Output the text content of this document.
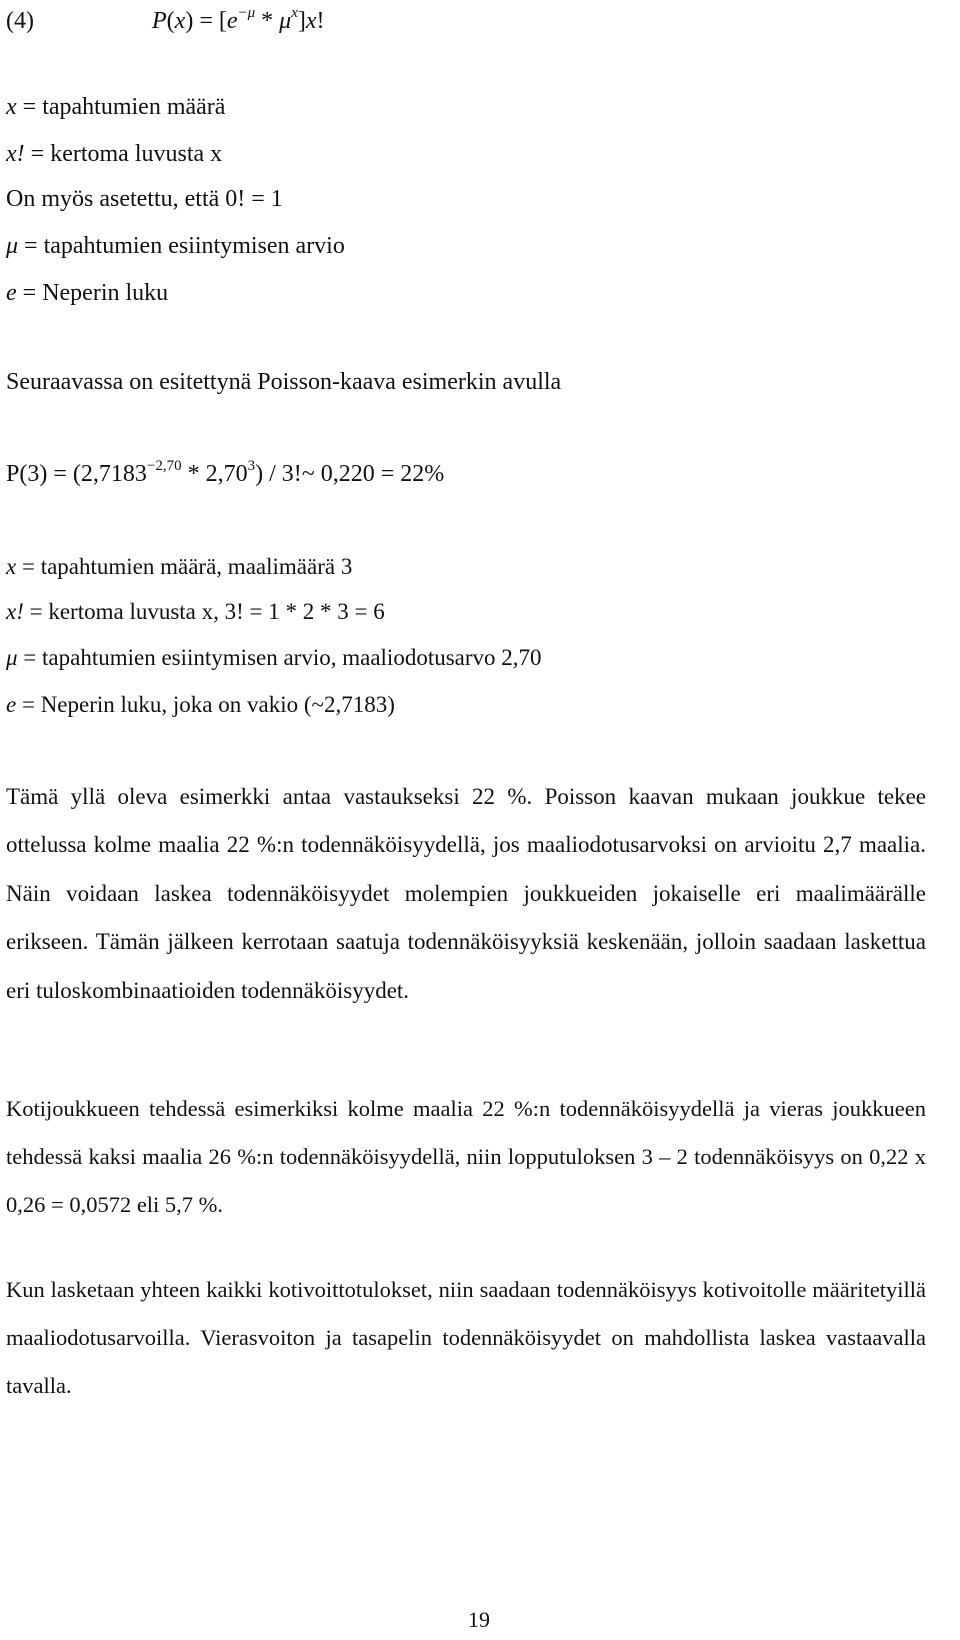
(4)	$P(x) = [e^{-\mu} * \mu^x]x$!
x = tapahtumien määrä
x! = kertoma luvusta x
On myös asetettu, että 0! = 1
μ = tapahtumien esiintymisen arvio
e = Neperin luku
Seuraavassa on esitettynä Poisson-kaava esimerkin avulla
$P(3) = (2,7183^{-2,70} * 2,70^3)$ / 3!~ 0,220 = 22%
x = tapahtumien määrä, maalimäärä 3
x! = kertoma luvusta x, 3! = 1 * 2 * 3 = 6
μ = tapahtumien esiintymisen arvio, maaliodotusarvo 2,70
e = Neperin luku, joka on vakio (~2,7183)
Tämä yllä oleva esimerkki antaa vastaukseksi 22 %. Poisson kaavan mukaan joukkue tekee ottelussa kolme maalia 22 %:n todennäköisyydellä, jos maaliodotusarvoksi on arvioitu 2,7 maalia. Näin voidaan laskea todennäköisyydet molempien joukkueiden jokaiselle eri maalimäärälle erikseen. Tämän jälkeen kerrotaan saatuja todennäköisyyksiä keskenään, jolloin saadaan laskettua eri tuloskombinaatioiden todennäköisyydet.
Kotijoukkueen tehdessä esimerkiksi kolme maalia 22 %:n todennäköisyydellä ja vieras joukkueen tehdessä kaksi maalia 26 %:n todennäköisyydellä, niin lopputuloksen 3 – 2 todennäköisyys on 0,22 x 0,26 = 0,0572 eli 5,7 %.
Kun lasketaan yhteen kaikki kotivoittotulokset, niin saadaan todennäköisyys kotivoitolle määritetyillä maaliodotusarvoilla. Vierasvoiton ja tasapelin todennäköisyydet on mahdollista laskea vastaavalla tavalla.
19
